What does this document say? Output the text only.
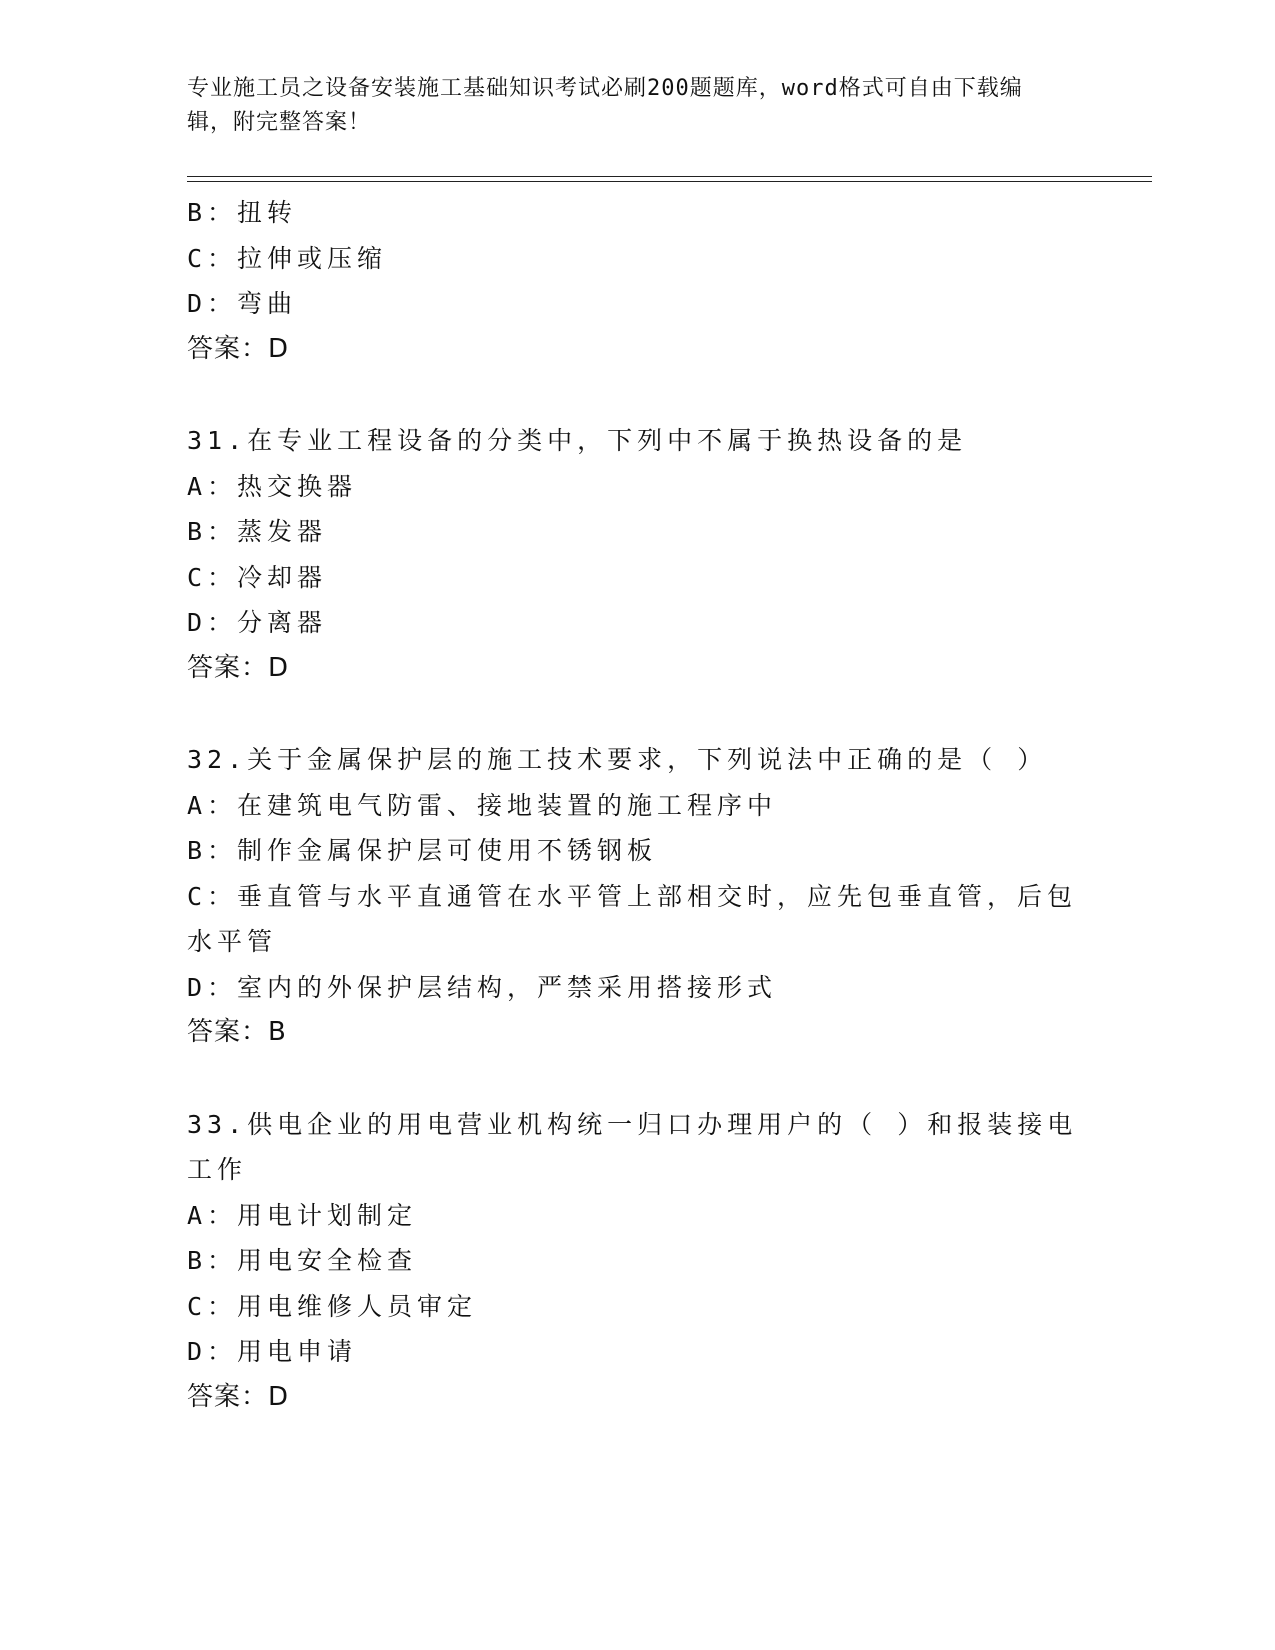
专业施工员之设备安装施工基础知识考试必刷200题题库，word格式可自由下载编辑，附完整答案！
B：扭转
C：拉伸或压缩
D：弯曲
答案：D
31.在专业工程设备的分类中，下列中不属于换热设备的是
A：热交换器
B：蒸发器
C：冷却器
D：分离器
答案：D
32.关于金属保护层的施工技术要求，下列说法中正确的是（ ）
A：在建筑电气防雷、接地装置的施工程序中
B：制作金属保护层可使用不锈钢板
C：垂直管与水平直通管在水平管上部相交时，应先包垂直管，后包水平管
D：室内的外保护层结构，严禁采用搭接形式
答案：B
33.供电企业的用电营业机构统一归口办理用户的（ ）和报装接电工作
A：用电计划制定
B：用电安全检查
C：用电维修人员审定
D：用电申请
答案：D
